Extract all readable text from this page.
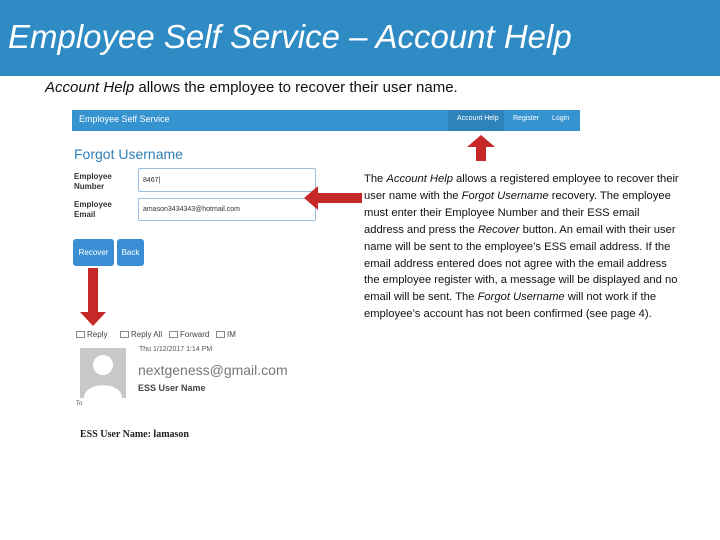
Employee Self Service – Account Help
Account Help allows the employee to recover their user name.
Employee Self Service	Account Help Register Login
Forgot Username
Employee
Number
8467|
Employee
Email
amason3434343@hotmail.com
Recover	Back
Reply	Reply All	Forward	IM
Thu 1/12/2017 1:14 PM
nextgeness@gmail.com
ESS User Name
To
ESS User Name: lamason
The Account Help allows a registered employee to recover their user name with the Forgot Username recovery. The employee must enter their Employee Number and their ESS email address and press the Recover button. An email with their user name will be sent to the employee’s ESS email address. If the email address entered does not agree with the email address the employee register with, a message will be displayed and no email will be sent. The Forgot Username will not work if the employee’s account has not been confirmed (see page 4).
